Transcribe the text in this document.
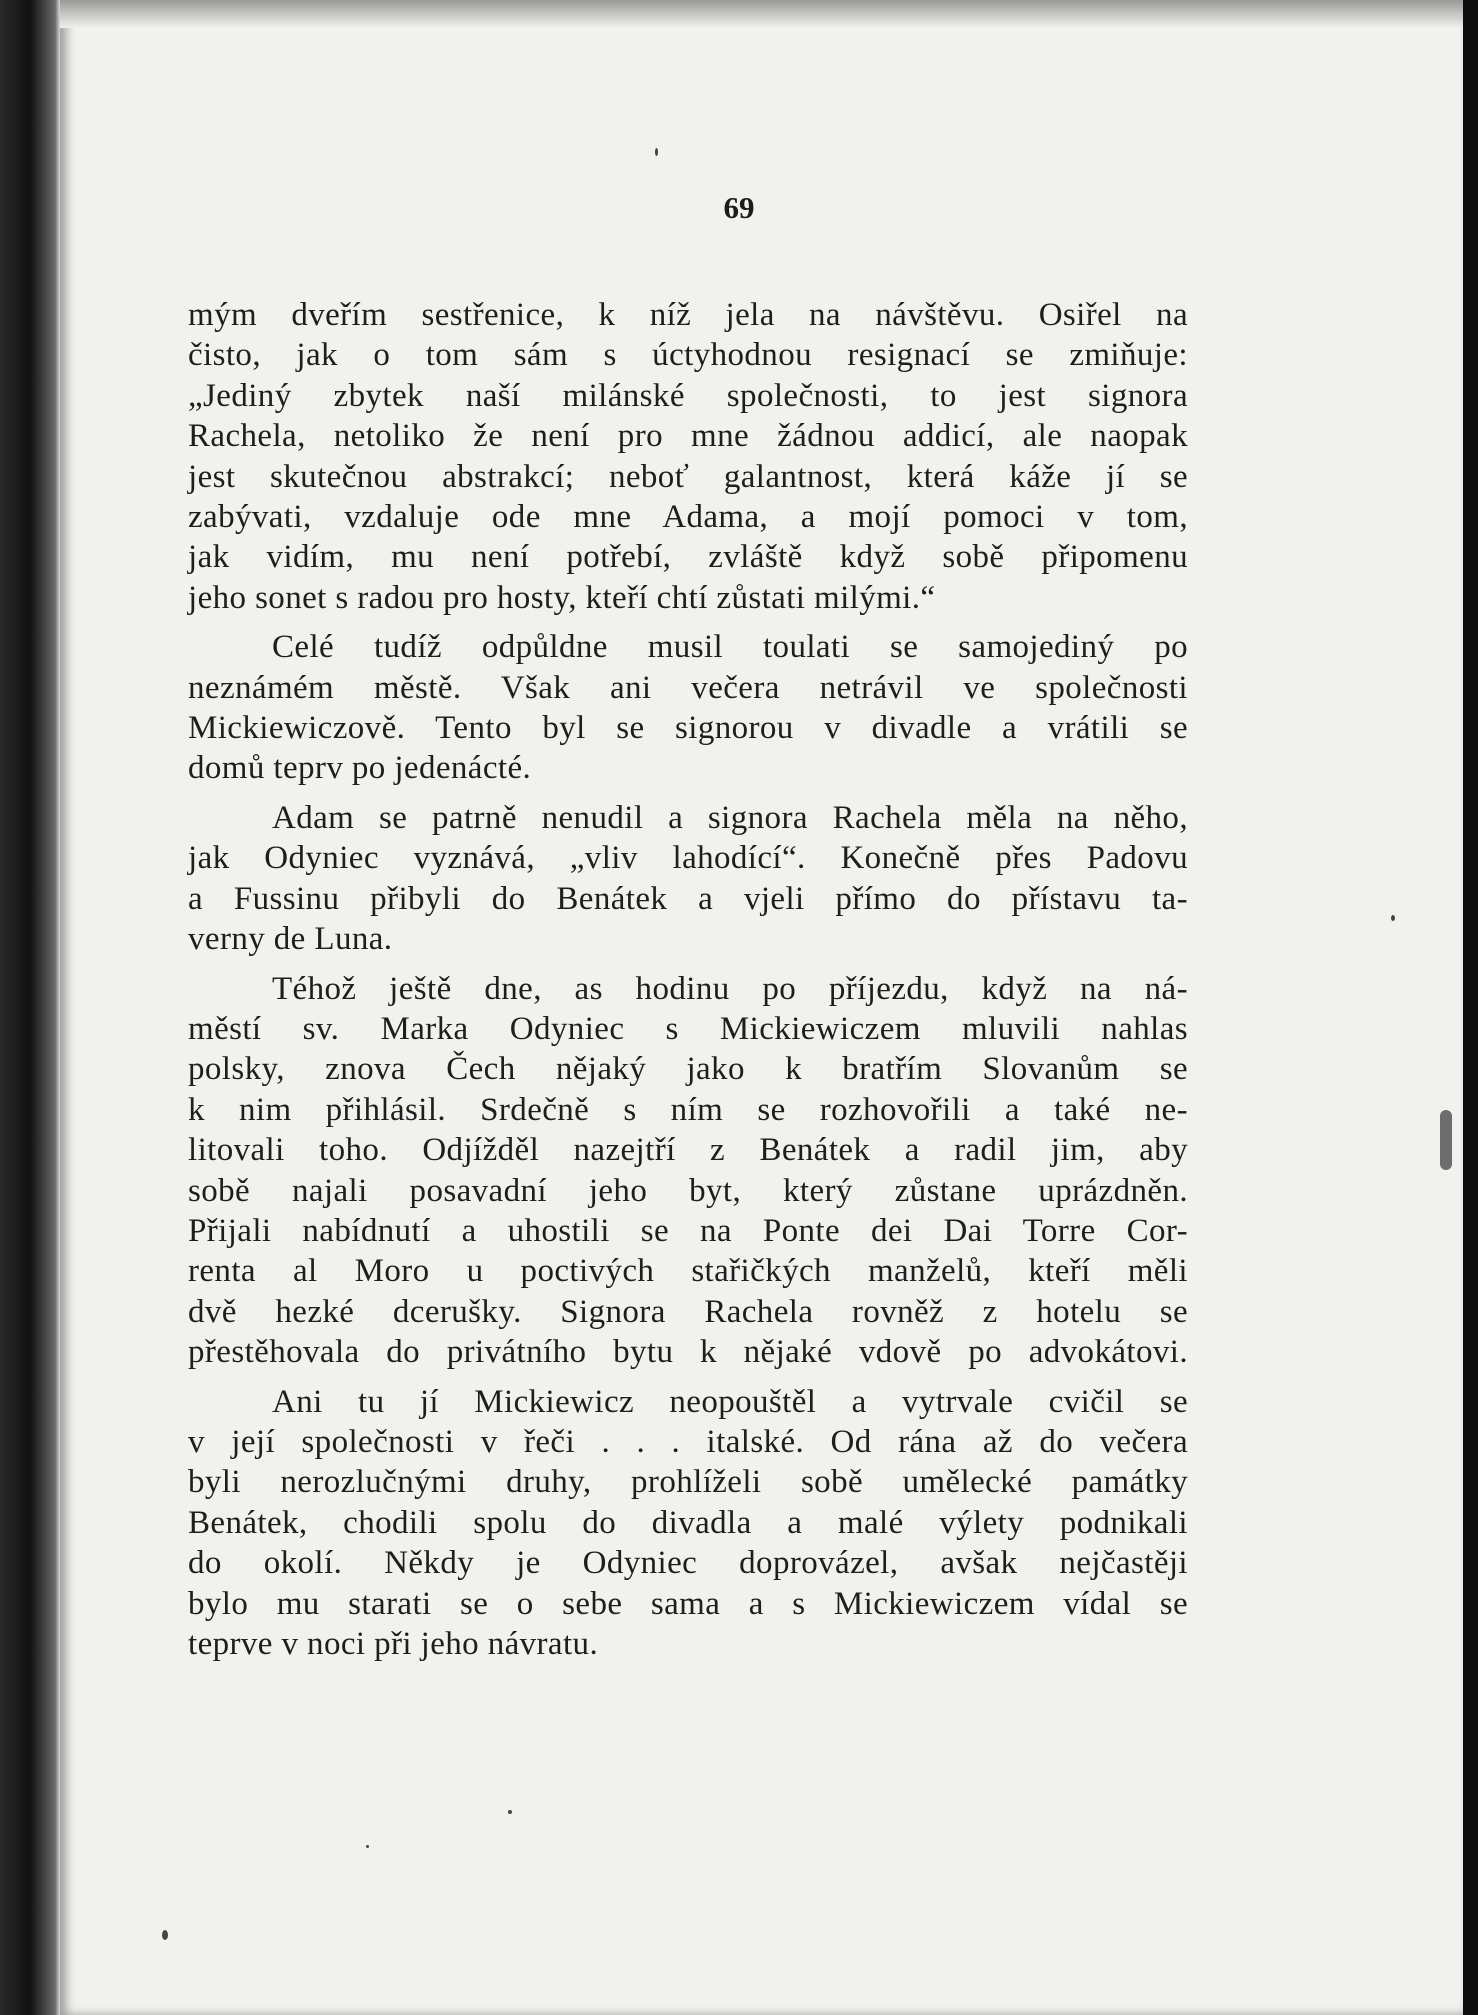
69
mým dveřím sestřenice, k níž jela na návštěvu. Osiřel na
čisto, jak o tom sám s úctyhodnou resignací se zmiňuje:
„Jediný zbytek naší milánské společnosti, to jest signora
Rachela, netoliko že není pro mne žádnou addicí, ale naopak
jest skutečnou abstrakcí; neboť galantnost, která káže jí se
zabývati, vzdaluje ode mne Adama, a mojí pomoci v tom,
jak vidím, mu není potřebí, zvláště když sobě připomenu
jeho sonet s radou pro hosty, kteří chtí zůstati milými.“
Celé tudíž odpůldne musil toulati se samojediný po
neznámém městě. Však ani večera netrávil ve společnosti
Mickiewiczově. Tento byl se signorou v divadle a vrátili se
domů teprv po jedenácté.
Adam se patrně nenudil a signora Rachela měla na něho,
jak Odyniec vyznává, „vliv lahodící“. Konečně přes Padovu
a Fussinu přibyli do Benátek a vjeli přímo do přístavu ta-
verny de Luna.
Téhož ještě dne, as hodinu po příjezdu, když na ná-
městí sv. Marka Odyniec s Mickiewiczem mluvili nahlas
polsky, znova Čech nějaký jako k bratřím Slovanům se
k nim přihlásil. Srdečně s ním se rozhovořili a také ne-
litovali toho. Odjížděl nazejtří z Benátek a radil jim, aby
sobě najali posavadní jeho byt, který zůstane uprázdněn.
Přijali nabídnutí a uhostili se na Ponte dei Dai Torre Cor-
renta al Moro u poctivých stařičkých manželů, kteří měli
dvě hezké dcerušky. Signora Rachela rovněž z hotelu se
přestěhovala do privátního bytu k nějaké vdově po advokátovi.
Ani tu jí Mickiewicz neopouštěl a vytrvale cvičil se
v její společnosti v řeči . . . italské. Od rána až do večera
byli nerozlučnými druhy, prohlíželi sobě umělecké památky
Benátek, chodili spolu do divadla a malé výlety podnikali
do okolí. Někdy je Odyniec doprovázel, avšak nejčastěji
bylo mu starati se o sebe sama a s Mickiewiczem vídal se
teprve v noci při jeho návratu.
